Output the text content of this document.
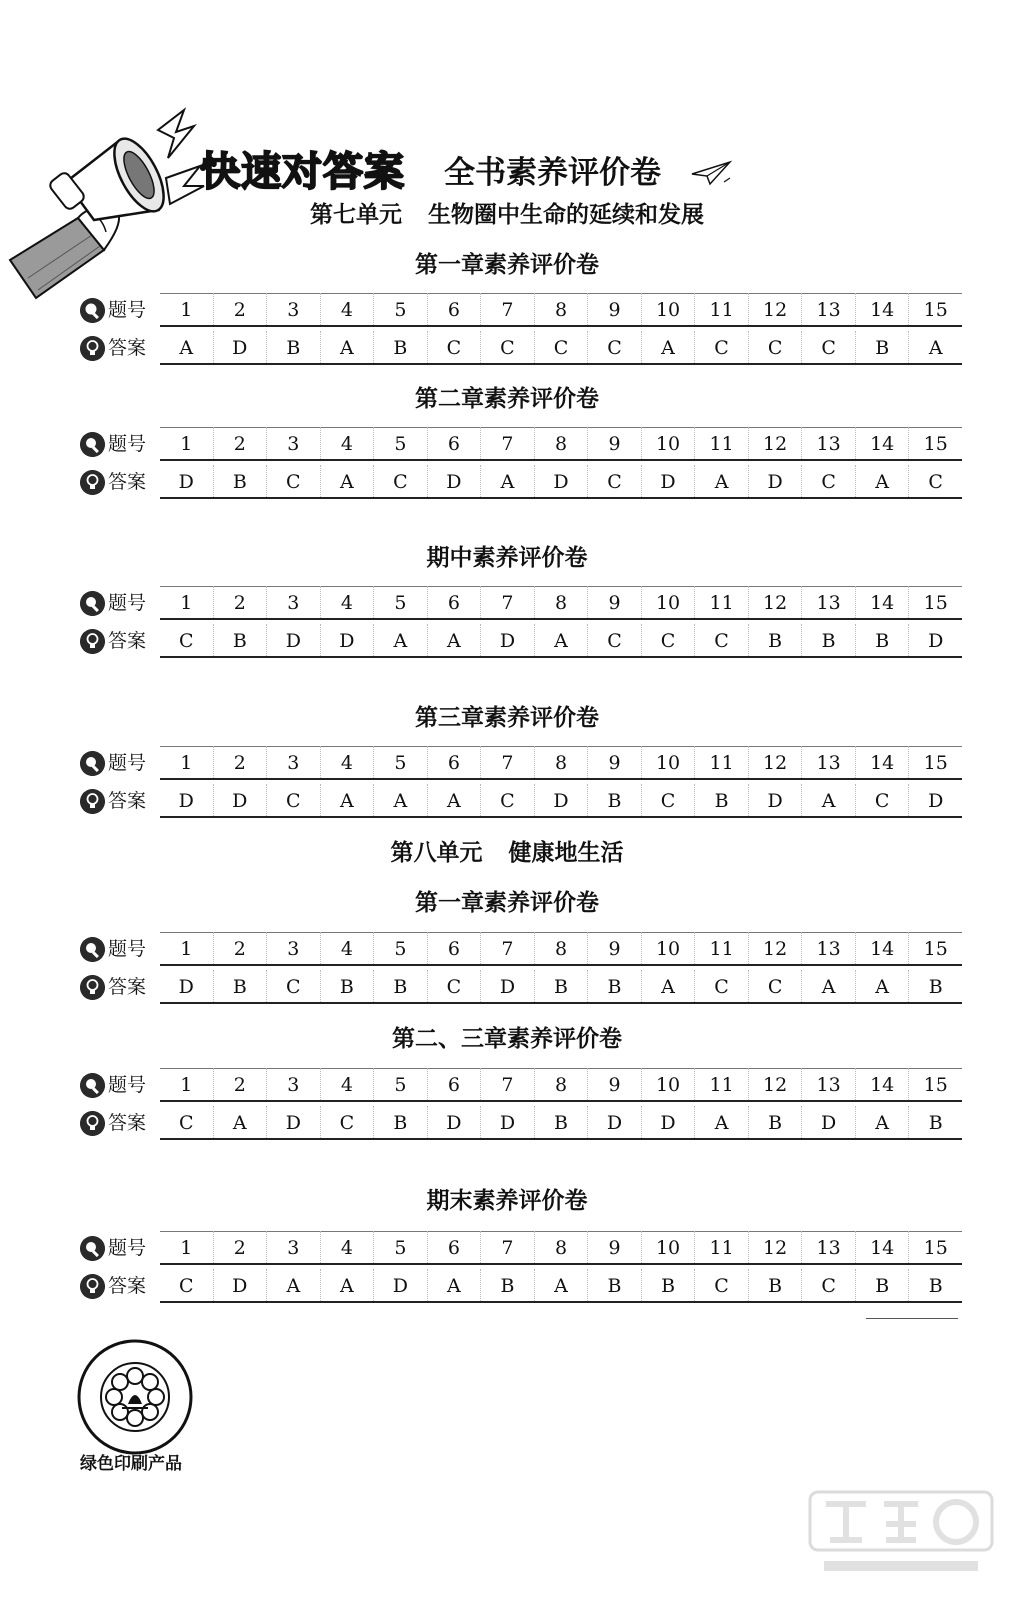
快速对答案 全书素养评价卷
第七单元 生物圈中生命的延续和发展
第一章素养评价卷
题号	1	2	3	4	5	6	7	8	9	10	11	12	13	14	15
答案	A	D	B	A	B	C	C	C	C	A	C	C	C	B	A
第二章素养评价卷
题号	1	2	3	4	5	6	7	8	9	10	11	12	13	14	15
答案	D	B	C	A	C	D	A	D	C	D	A	D	C	A	C
期中素养评价卷
题号	1	2	3	4	5	6	7	8	9	10	11	12	13	14	15
答案	C	B	D	D	A	A	D	A	C	C	C	B	B	B	D
第三章素养评价卷
题号	1	2	3	4	5	6	7	8	9	10	11	12	13	14	15
答案	D	D	C	A	A	A	C	D	B	C	B	D	A	C	D
第八单元 健康地生活
第一章素养评价卷
题号	1	2	3	4	5	6	7	8	9	10	11	12	13	14	15
答案	D	B	C	B	B	C	D	B	B	A	C	C	A	A	B
第二、三章素养评价卷
题号	1	2	3	4	5	6	7	8	9	10	11	12	13	14	15
答案	C	A	D	C	B	D	D	B	D	D	A	B	D	A	B
期末素养评价卷
题号	1	2	3	4	5	6	7	8	9	10	11	12	13	14	15
答案	C	D	A	A	D	A	B	A	B	B	C	B	C	B	B
绿色印刷产品
